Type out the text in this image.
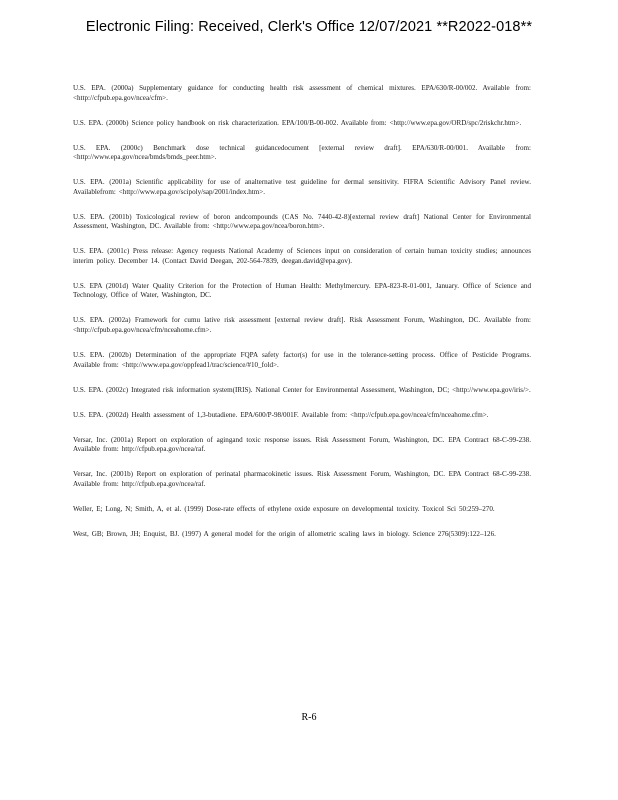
Electronic Filing: Received, Clerk's Office 12/07/2021 **R2022-018**
U.S. EPA. (2000a) Supplementary guidance for conducting health risk assessment of chemical mixtures. EPA/630/R-00/002. Available from: <http://cfpub.epa.gov/ncea/cfm>.
U.S. EPA. (2000b) Science policy handbook on risk characterization. EPA/100/B-00-002. Available from: <http://www.epa.gov/ORD/spc/2riskchr.htm>.
U.S. EPA. (2000c) Benchmark dose technical guidancedocument [external review draft]. EPA/630/R-00/001. Available from: <http://www.epa.gov/ncea/bmds/bmds_peer.htm>.
U.S. EPA. (2001a) Scientific applicability for use of analternative test guideline for dermal sensitivity. FIFRA Scientific Advisory Panel review. Availablefrom: <http://www.epa.gov/scipoly/sap/2001/index.htm>.
U.S. EPA. (2001b) Toxicological review of boron andcompounds (CAS No. 7440-42-8)[external review draft] National Center for Environmental Assessment, Washington, DC. Available from: <http://www.epa.gov/ncea/boron.htm>.
U.S. EPA. (2001c) Press release: Agency requests National Academy of Sciences input on consideration of certain human toxicity studies; announces interim policy. December 14. (Contact David Deegan, 202-564-7839, deegan.david@epa.gov).
U.S. EPA (2001d) Water Quality Criterion for the Protection of Human Health: Methylmercury. EPA-823-R-01-001, January. Office of Science and Technology, Office of Water, Washington, DC.
U.S. EPA. (2002a) Framework for cumu lative risk assessment [external review draft]. Risk Assessment Forum, Washington, DC. Available from: <http://cfpub.epa.gov/ncea/cfm/nceahome.cfm>.
U.S. EPA. (2002b) Determination of the appropriate FQPA safety factor(s) for use in the tolerance-setting process. Office of Pesticide Programs. Available from: <http://www.epa.gov/oppfead1/trac/science/#10_fold>.
U.S. EPA. (2002c) Integrated risk information system(IRIS). National Center for Environmental Assessment, Washington, DC; <http://www.epa.gov/iris/>.
U.S. EPA. (2002d) Health assessment of 1,3-butadiene. EPA/600/P-98/001F. Available from: <http://cfpub.epa.gov/ncea/cfm/nceahome.cfm>.
Versar, Inc. (2001a) Report on exploration of agingand toxic response issues. Risk Assessment Forum, Washington, DC. EPA Contract 68-C-99-238. Available from: http://cfpub.epa.gov/ncea/raf.
Versar, Inc. (2001b) Report on exploration of perinatal pharmacokinetic issues. Risk Assessment Forum, Washington, DC. EPA Contract 68-C-99-238. Available from: http://cfpub.epa.gov/ncea/raf.
Weller, E; Long, N; Smith, A, et al. (1999) Dose-rate effects of ethylene oxide exposure on developmental toxicity. Toxicol Sci 50:259–270.
West, GB; Brown, JH; Enquist, BJ. (1997) A general model for the origin of allometric scaling laws in biology. Science 276(5309):122–126.
R-6
